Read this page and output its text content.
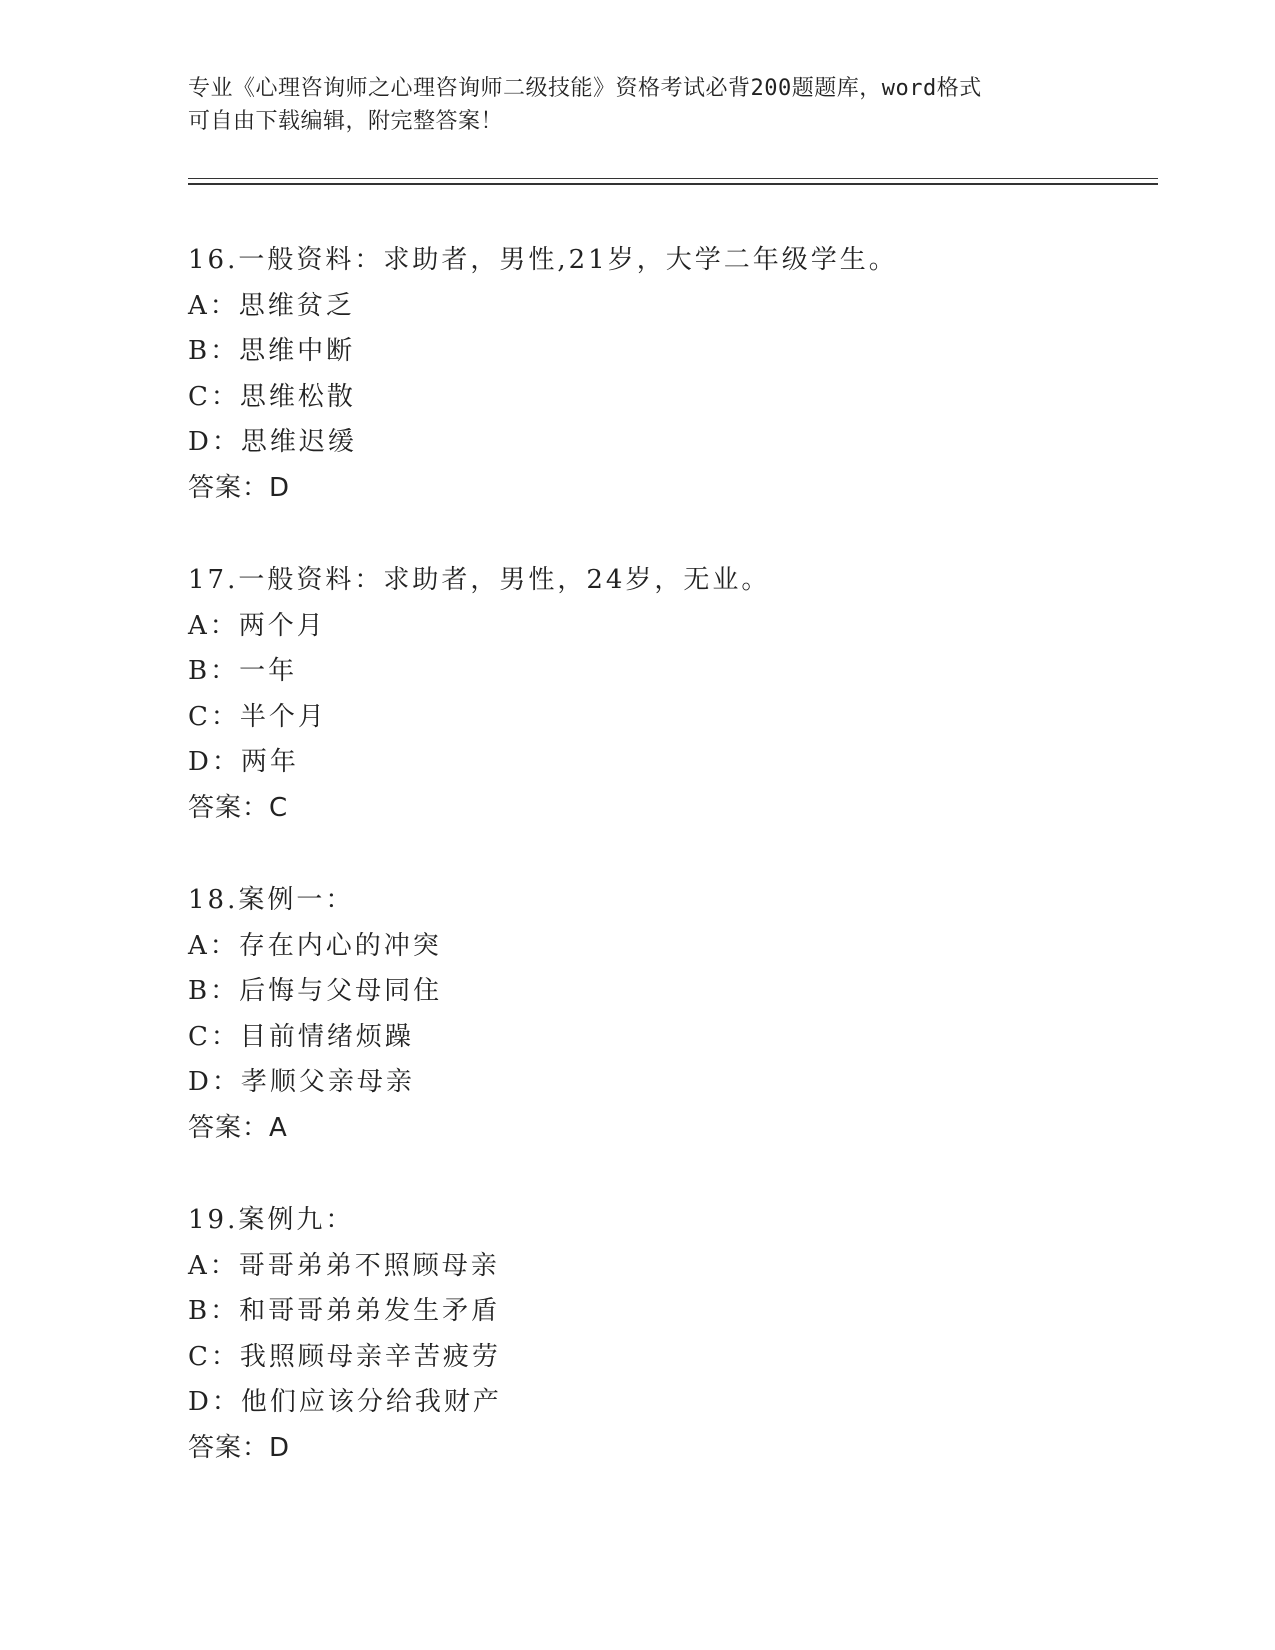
专业《心理咨询师之心理咨询师二级技能》资格考试必背200题题库，word格式
可自由下载编辑，附完整答案！
16.一般资料：求助者，男性,21岁，大学二年级学生。
A：思维贫乏
B：思维中断
C：思维松散
D：思维迟缓
答案：D
17.一般资料：求助者，男性，24岁，无业。
A：两个月
B：一年
C：半个月
D：两年
答案：C
18.案例一：
A：存在内心的冲突
B：后悔与父母同住
C：目前情绪烦躁
D：孝顺父亲母亲
答案：A
19.案例九：
A：哥哥弟弟不照顾母亲
B：和哥哥弟弟发生矛盾
C：我照顾母亲辛苦疲劳
D：他们应该分给我财产
答案：D
